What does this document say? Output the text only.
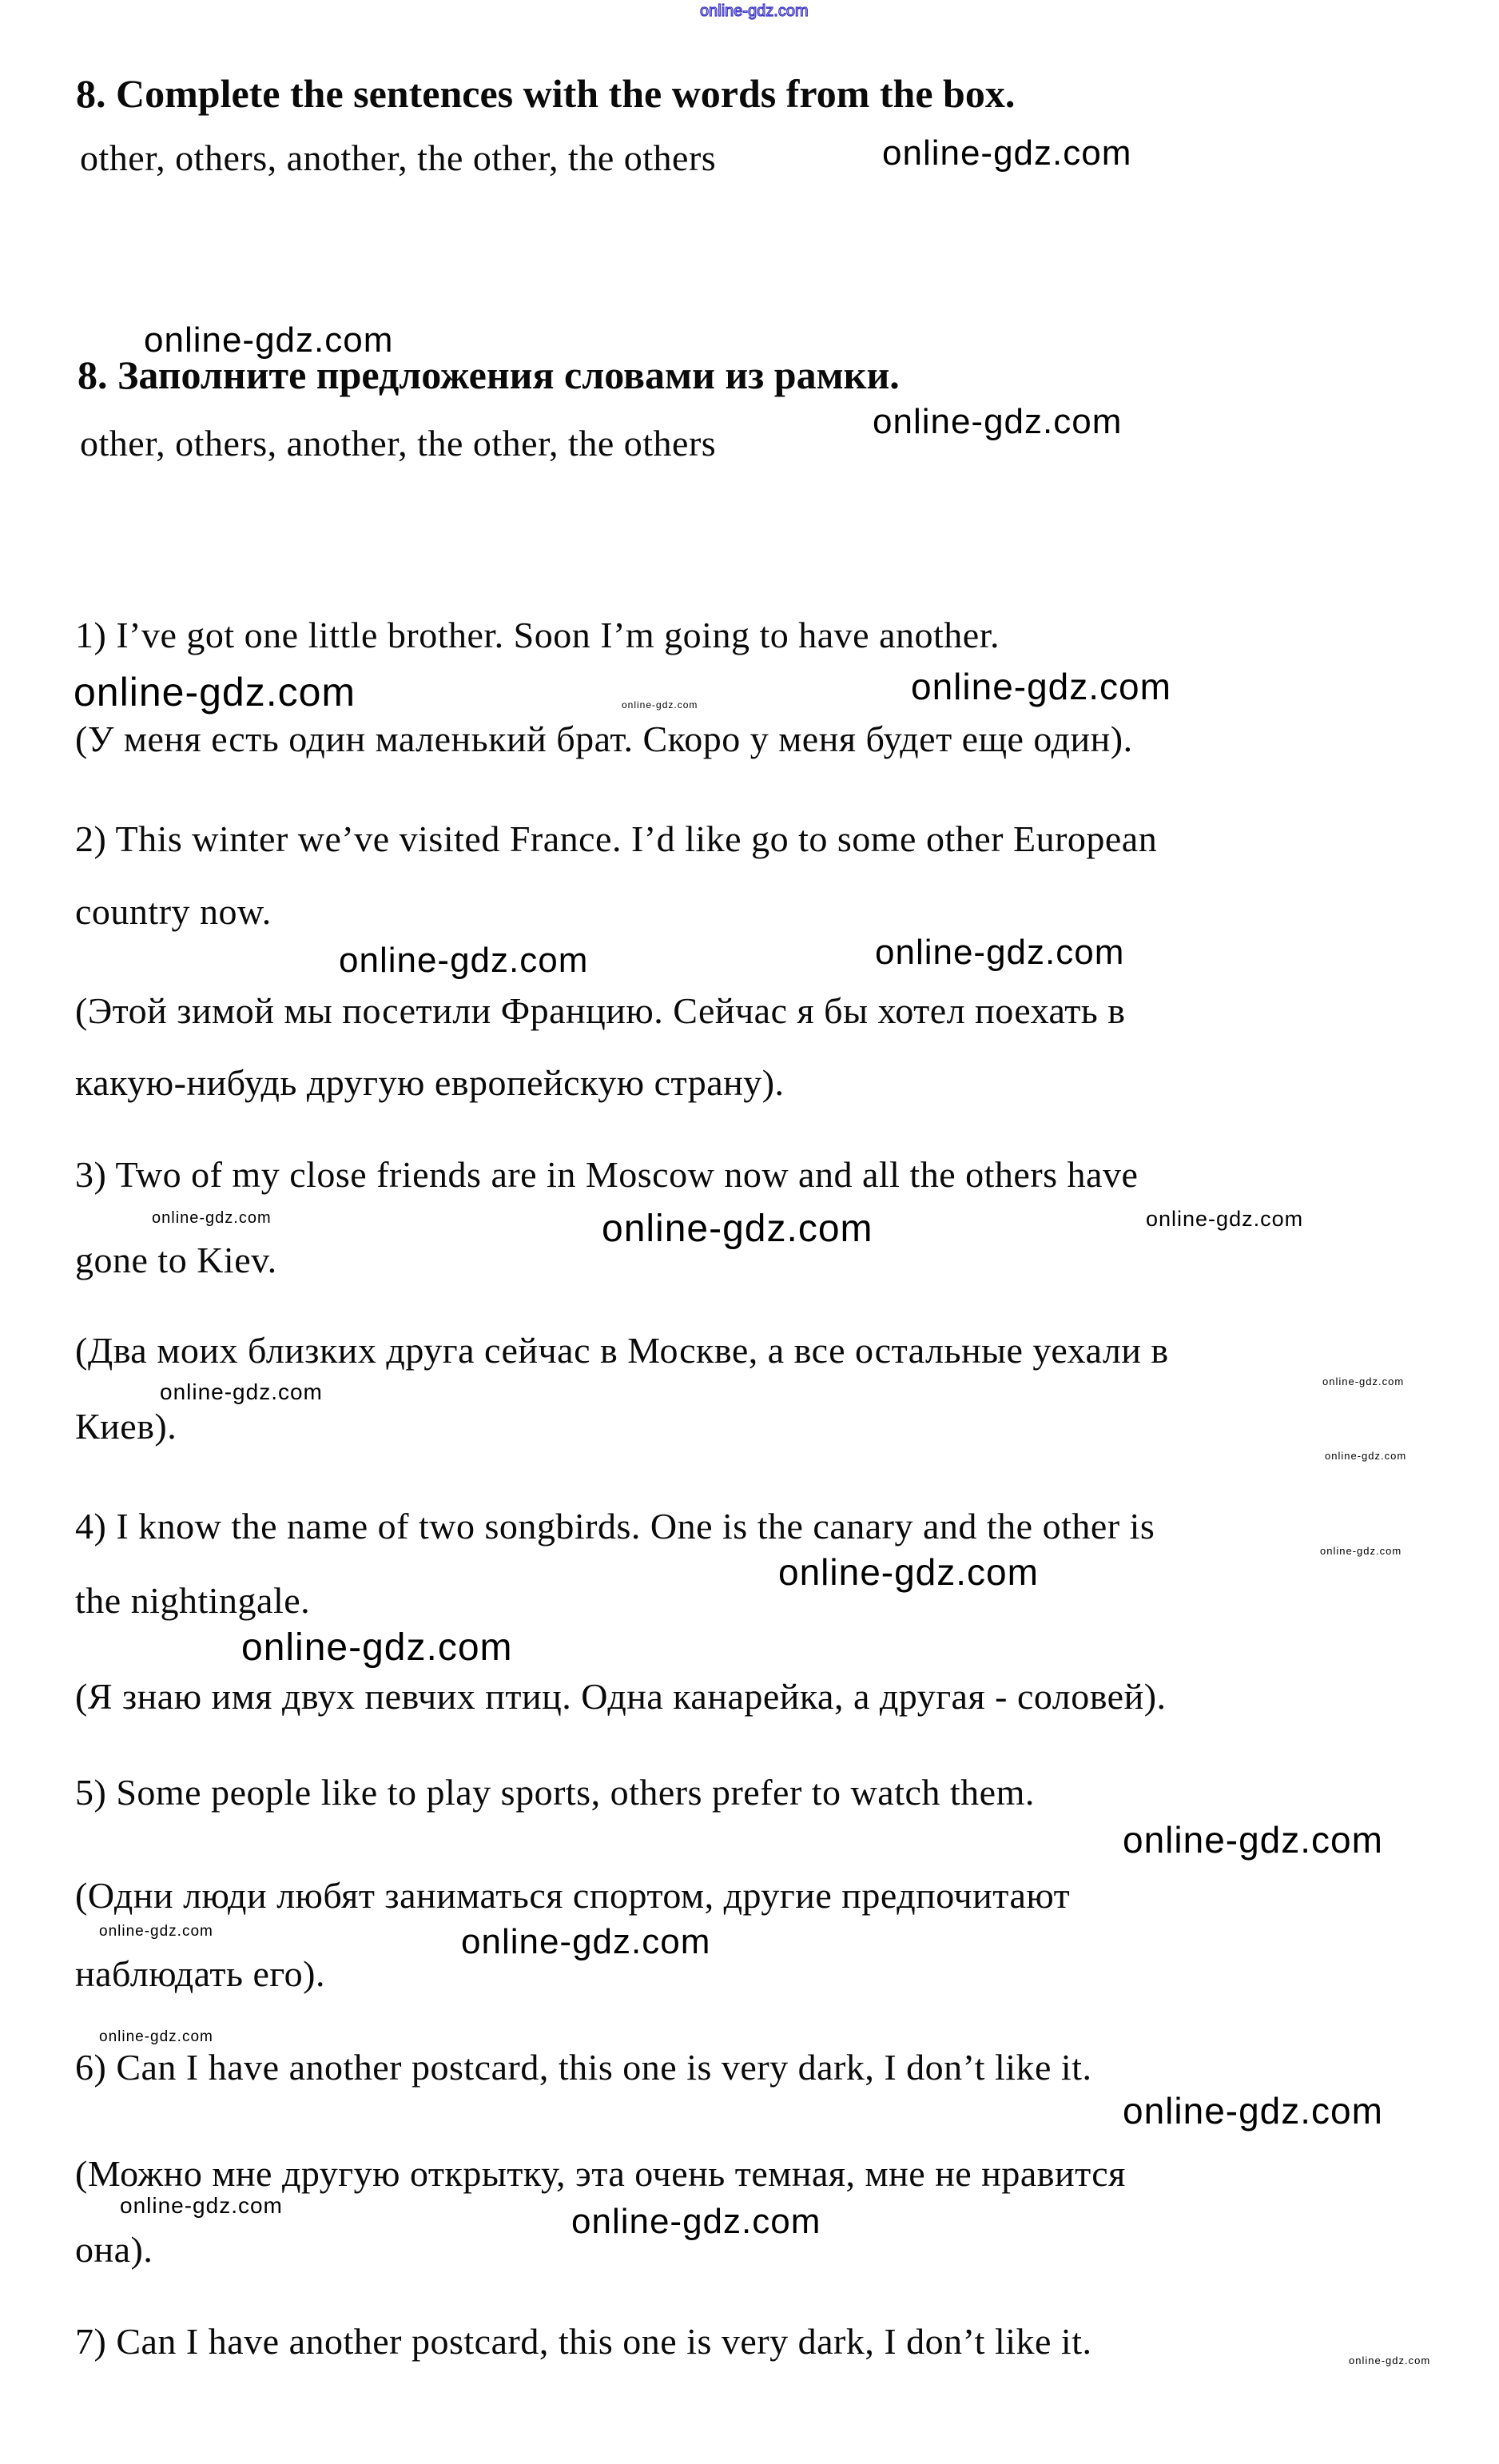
online-gdz.com
8. Complete the sentences with the words from the box.
other, others, another, the other, the others	online-gdz.com
online-gdz.com
8. Заполните предложения словами из рамки.
online-gdz.com
other, others, another, the other, the others
1) I’ve got one little brother. Soon I’m going to have another.
online-gdz.com	online-gdz.com
online-gdz.com
(У меня есть один маленький брат. Скоро у меня будет еще один).
2) This winter we’ve visited France. I’d like go to some other European
country now.
online-gdz.com	online-gdz.com
(Этой зимой мы посетили Францию. Сейчас я бы хотел поехать в
какую-нибудь другую европейскую страну).
3) Two of my close friends are in Moscow now and all the others have
online-gdz.com	online-gdz.com	online-gdz.com
gone to Kiev.
(Два моих близких друга сейчас в Москве, а все остальные уехали в
online-gdz.com
online-gdz.com
Киев).
online-gdz.com
4) I know the name of two songbirds. One is the canary and the other is
online-gdz.com
online-gdz.com
the nightingale.
online-gdz.com
(Я знаю имя двух певчих птиц. Одна канарейка, а другая - соловей).
5) Some people like to play sports, others prefer to watch them.
online-gdz.com
(Одни люди любят заниматься спортом, другие предпочитают
online-gdz.com	online-gdz.com
наблюдать его).
online-gdz.com
6) Can I have another postcard, this one is very dark, I don’t like it.
online-gdz.com
(Можно мне другую открытку, эта очень темная, мне не нравится
online-gdz.com	online-gdz.com
она).
7) Can I have another postcard, this one is very dark, I don’t like it.	online-gdz.com
